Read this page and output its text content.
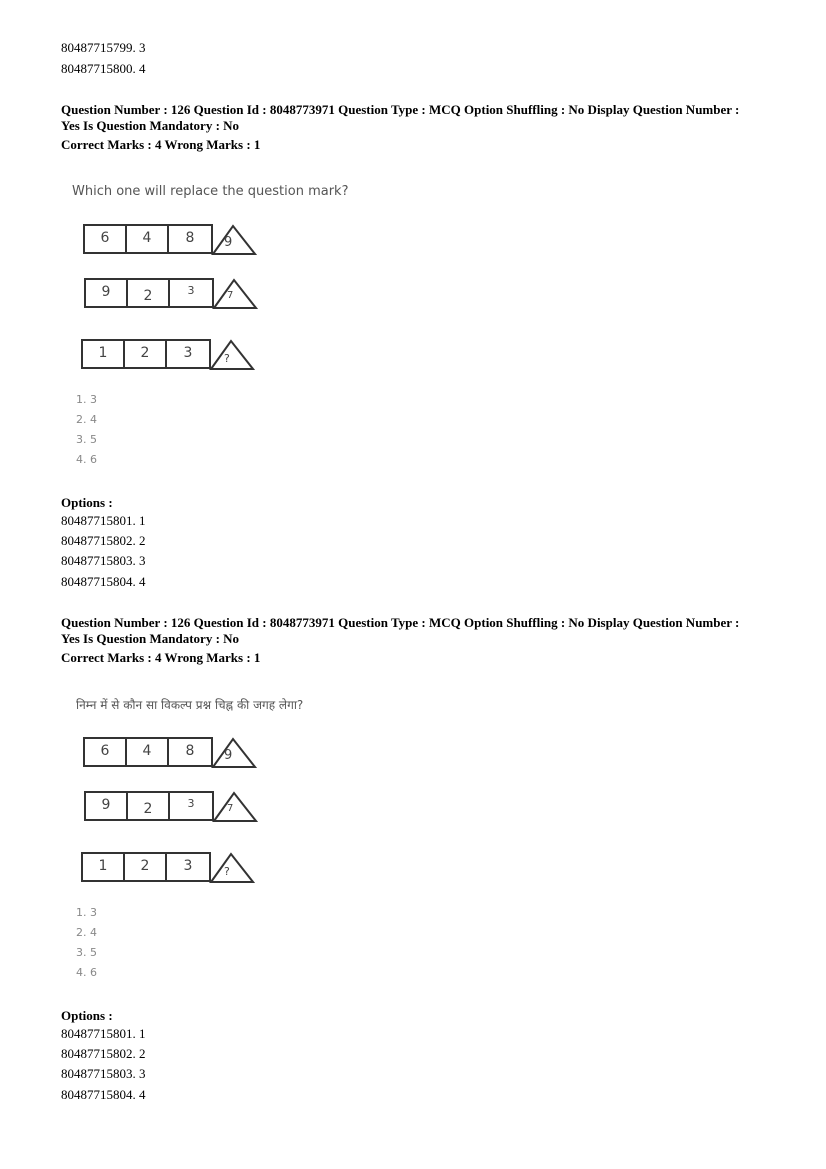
80487715799. 3
80487715800. 4
Question Number : 126 Question Id : 8048773971 Question Type : MCQ Option Shuffling : No Display Question Number :
Yes Is Question Mandatory : No
Correct Marks : 4 Wrong Marks : 1
Which one will replace the question mark?
6	4	8	9
9	2	3	7
1	2	3	?
1. 3
2. 4
3. 5
4. 6
Options :
80487715801. 1
80487715802. 2
80487715803. 3
80487715804. 4
Question Number : 126 Question Id : 8048773971 Question Type : MCQ Option Shuffling : No Display Question Number :
Yes Is Question Mandatory : No
Correct Marks : 4 Wrong Marks : 1
निम्न में से कौन सा विकल्प प्रश्न चिह्न की जगह लेगा?
6	4	8	9
9	2	3	7
1	2	3	?
1. 3
2. 4
3. 5
4. 6
Options :
80487715801. 1
80487715802. 2
80487715803. 3
80487715804. 4
